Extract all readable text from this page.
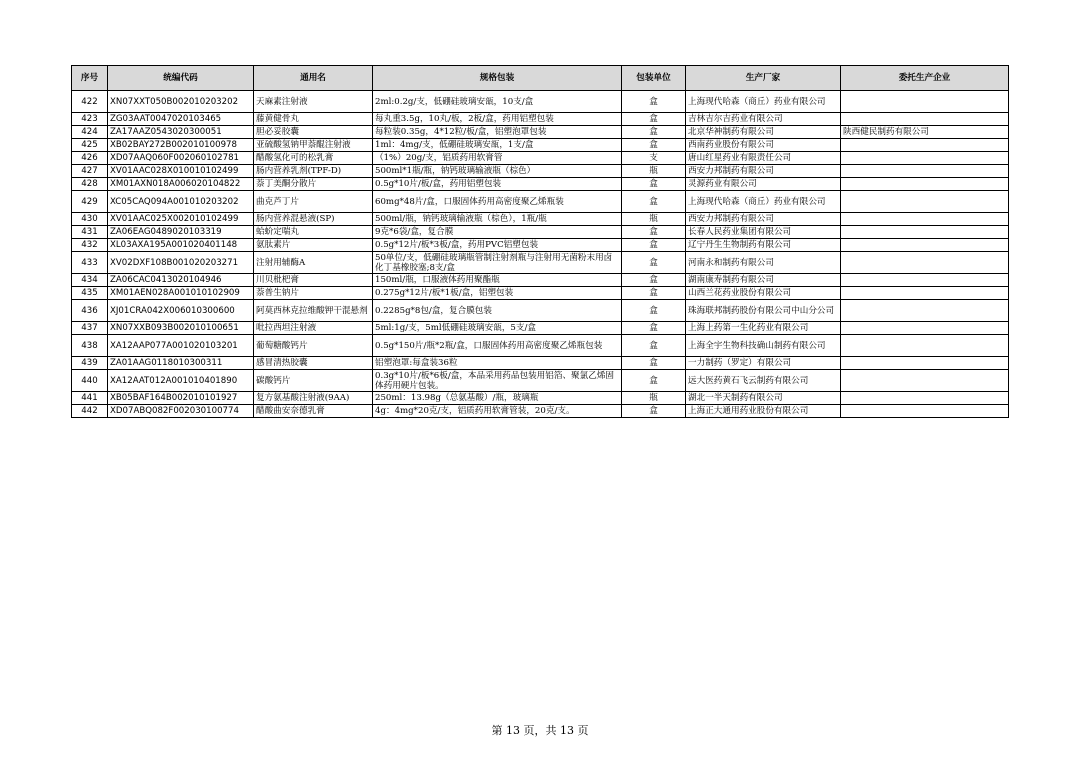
序号	统编代码	通用名	规格包装	包装单位	生产厂家	委托生产企业
422	XN07XXT050B002010203202	天麻素注射液	2ml:0.2g/支，低硼硅玻璃安瓿，10支/盒	盒	上海现代哈森（商丘）药业有限公司	
423	ZG03AAT0047020103465	藤黄健骨丸	每丸重3.5g，10丸/板，2板/盒，药用铝塑包装	盒	吉林吉尔吉药业有限公司	
424	ZA17AAZ0543020300051	胆必妥胶囊	每粒装0.35g，4*12粒/板/盒，铝塑泡罩包装	盒	北京华神制药有限公司	陕西健民制药有限公司
425	XB02BAY272B002010100978	亚硫酸氢钠甲萘醌注射液	1ml：4mg/支，低硼硅玻璃安瓿，1支/盒	盒	西南药业股份有限公司	
426	XD07AAQ060F002060102781	醋酸氢化可的松乳膏	（1%）20g/支，铝质药用软膏管	支	唐山红星药业有限责任公司	
427	XV01AAC028X010010102499	肠内营养乳剂(TPF-D)	500ml*1瓶/瓶，钠钙玻璃输液瓶（棕色）	瓶	西安力邦制药有限公司	
428	XM01AXN018A006020104822	萘丁美酮分散片	0.5g*10片/板/盒，药用铝塑包装	盒	灵源药业有限公司	
429	XC05CAQ094A001010203202	曲克芦丁片	60mg*48片/盒，口服固体药用高密度聚乙烯瓶装	盒	上海现代哈森（商丘）药业有限公司	
430	XV01AAC025X002010102499	肠内营养混悬液(SP)	500ml/瓶，钠钙玻璃输液瓶（棕色），1瓶/瓶	瓶	西安力邦制药有限公司	
431	ZA06EAG0489020103319	蛤蚧定喘丸	9克*6袋/盒，复合膜	盒	长春人民药业集团有限公司	
432	XL03AXA195A001020401148	氨肽素片	0.5g*12片/板*3板/盒，药用PVC铝塑包装	盒	辽宁丹生生物制药有限公司	
433	XV02DXF108B001020203271	注射用辅酶A	50单位/支，低硼硅玻璃瓶管制注射剂瓶与注射用无菌粉末用卤化丁基橡胶塞;8支/盒	盒	河南永和制药有限公司	
434	ZA06CAC0413020104946	川贝枇杷膏	150ml/瓶，口服液体药用聚酯瓶	盒	湖南康寿制药有限公司	
435	XM01AEN028A001010102909	萘普生钠片	0.275g*12片/板*1板/盒，铝塑包装	盒	山西兰花药业股份有限公司	
436	XJ01CRA042X006010300600	阿莫西林克拉维酸钾干混悬剂	0.2285g*8包/盒，复合膜包装	盒	珠海联邦制药股份有限公司中山分公司	
437	XN07XXB093B002010100651	吡拉西坦注射液	5ml:1g/支，5ml低硼硅玻璃安瓿，5支/盒	盒	上海上药第一生化药业有限公司	
438	XA12AAP077A001020103201	葡萄糖酸钙片	0.5g*150片/瓶*2瓶/盒，口服固体药用高密度聚乙烯瓶包装	盒	上海全宇生物科技确山制药有限公司	
439	ZA01AAG0118010300311	感冒清热胶囊	铝塑泡罩:每盒装36粒	盒	一力制药（罗定）有限公司	
440	XA12AAT012A001010401890	碳酸钙片	0.3g*10片/板*6板/盒，本品采用药品包装用铝箔、聚氯乙烯固体药用硬片包装。	盒	远大医药黄石飞云制药有限公司	
441	XB05BAF164B002010101927	复方氨基酸注射液(9AA)	250ml：13.98g（总氨基酸）/瓶，玻璃瓶	瓶	湖北一半天制药有限公司	
442	XD07ABQ082F002030100774	醋酸曲安奈德乳膏	4g：4mg*20克/支，铝质药用软膏管装，20克/支。	盒	上海正大通用药业股份有限公司	
第 13 页，共 13 页
